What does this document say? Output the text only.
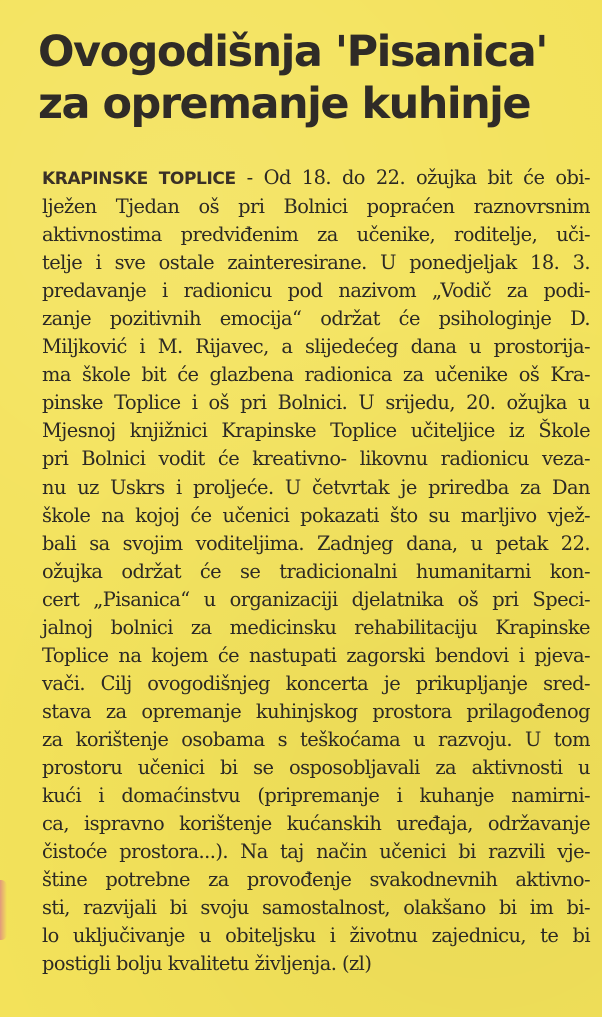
Ovogodišnja 'Pisanica'
za opremanje kuhinje
KRAPINSKE TOPLICE - Od 18. do 22. ožujka bit će obi-
lježen Tjedan oš pri Bolnici popraćen raznovrsnim
aktivnostima predviđenim za učenike, roditelje, uči-
telje i sve ostale zainteresirane. U ponedjeljak 18. 3.
predavanje i radionicu pod nazivom „Vodič za podi-
zanje pozitivnih emocija“ održat će psihologinje D.
Miljković i M. Rijavec, a slijedećeg dana u prostorija-
ma škole bit će glazbena radionica za učenike oš Kra-
pinske Toplice i oš pri Bolnici. U srijedu, 20. ožujka u
Mjesnoj knjižnici Krapinske Toplice učiteljice iz Škole
pri Bolnici vodit će kreativno- likovnu radionicu veza-
nu uz Uskrs i proljeće. U četvrtak je priredba za Dan
škole na kojoj će učenici pokazati što su marljivo vjež-
bali sa svojim voditeljima. Zadnjeg dana, u petak 22.
ožujka održat će se tradicionalni humanitarni kon-
cert „Pisanica“ u organizaciji djelatnika oš pri Speci-
jalnoj bolnici za medicinsku rehabilitaciju Krapinske
Toplice na kojem će nastupati zagorski bendovi i pjeva-
vači. Cilj ovogodišnjeg koncerta je prikupljanje sred-
stava za opremanje kuhinjskog prostora prilagođenog
za korištenje osobama s teškoćama u razvoju. U tom
prostoru učenici bi se osposobljavali za aktivnosti u
kući i domaćinstvu (pripremanje i kuhanje namirni-
ca, ispravno korištenje kućanskih uređaja, održavanje
čistoće prostora...). Na taj način učenici bi razvili vje-
štine potrebne za provođenje svakodnevnih aktivno-
sti, razvijali bi svoju samostalnost, olakšano bi im bi-
lo uključivanje u obiteljsku i životnu zajednicu, te bi
postigli bolju kvalitetu življenja. (zl)
